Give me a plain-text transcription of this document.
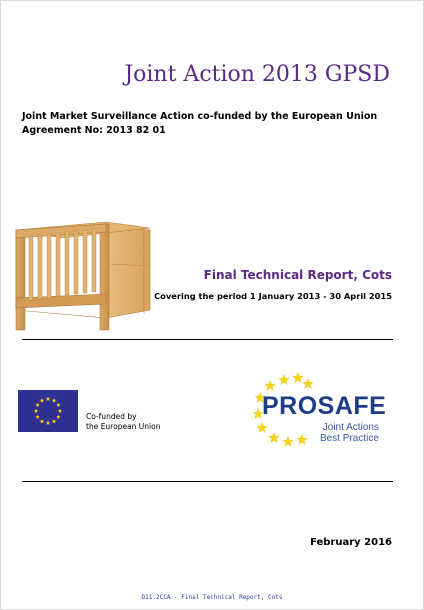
Joint Action 2013 GPSD
Joint Market Surveillance Action co-funded by the European Union
Agreement No: 2013 82 01
Final Technical Report, Cots
Covering the period 1 January 2013 - 30 April 2015
Co-funded by
the European Union
PROSAFE
Joint Actions
Best Practice
February 2016
D11.2CCA - Final Technical Report, Cots
